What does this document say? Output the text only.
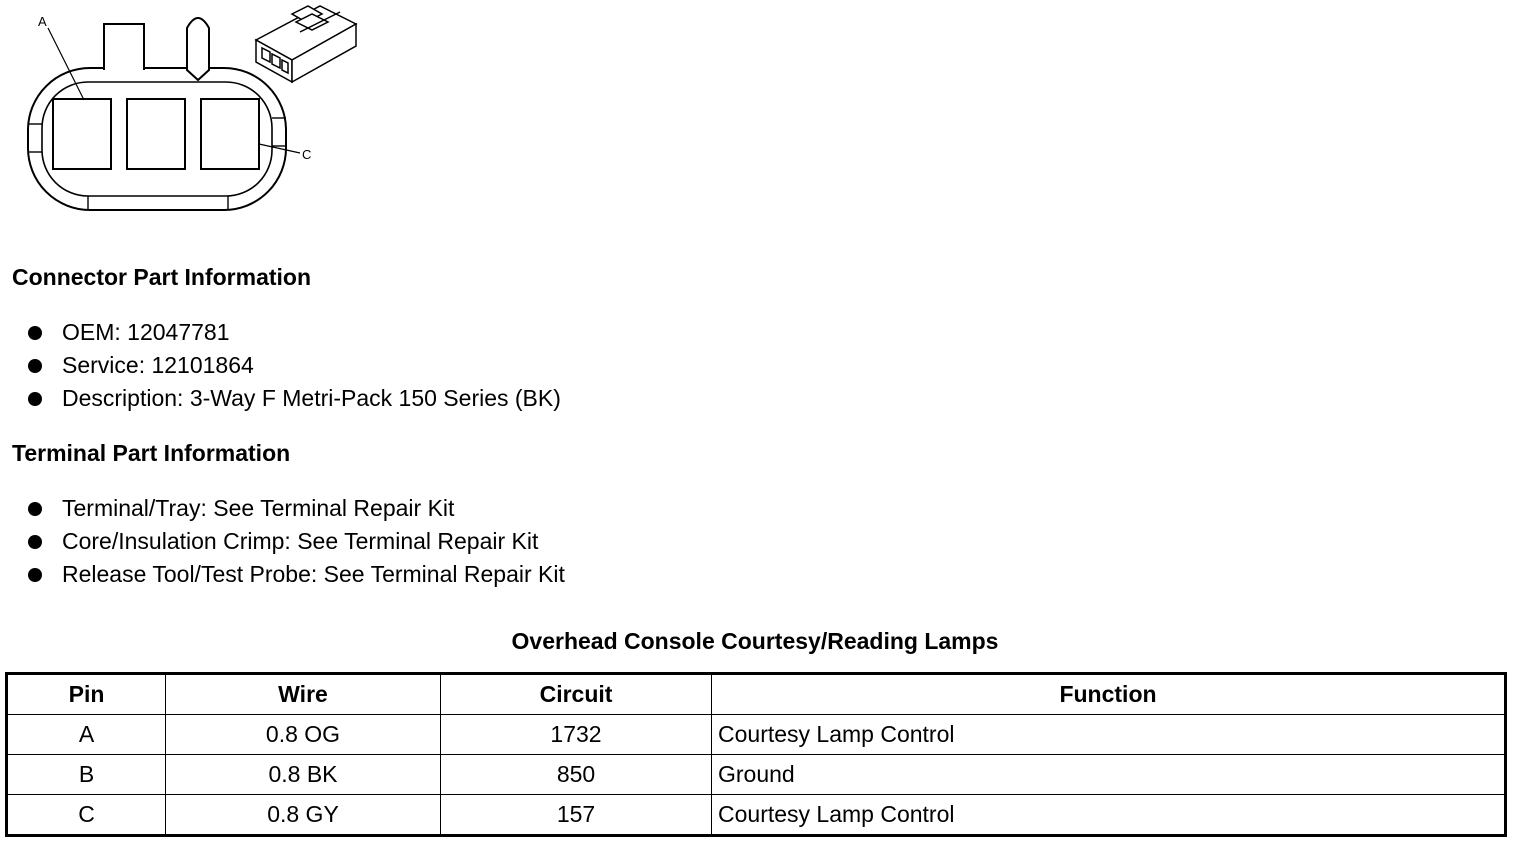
A
C
Connector Part Information
OEM: 12047781
Service: 12101864
Description: 3-Way F Metri-Pack 150 Series (BK)
Terminal Part Information
Terminal/Tray: See Terminal Repair Kit
Core/Insulation Crimp: See Terminal Repair Kit
Release Tool/Test Probe: See Terminal Repair Kit
Overhead Console Courtesy/Reading Lamps
Pin	Wire	Circuit	Function
A	0.8 OG	1732	Courtesy Lamp Control
B	0.8 BK	850	Ground
C	0.8 GY	157	Courtesy Lamp Control
